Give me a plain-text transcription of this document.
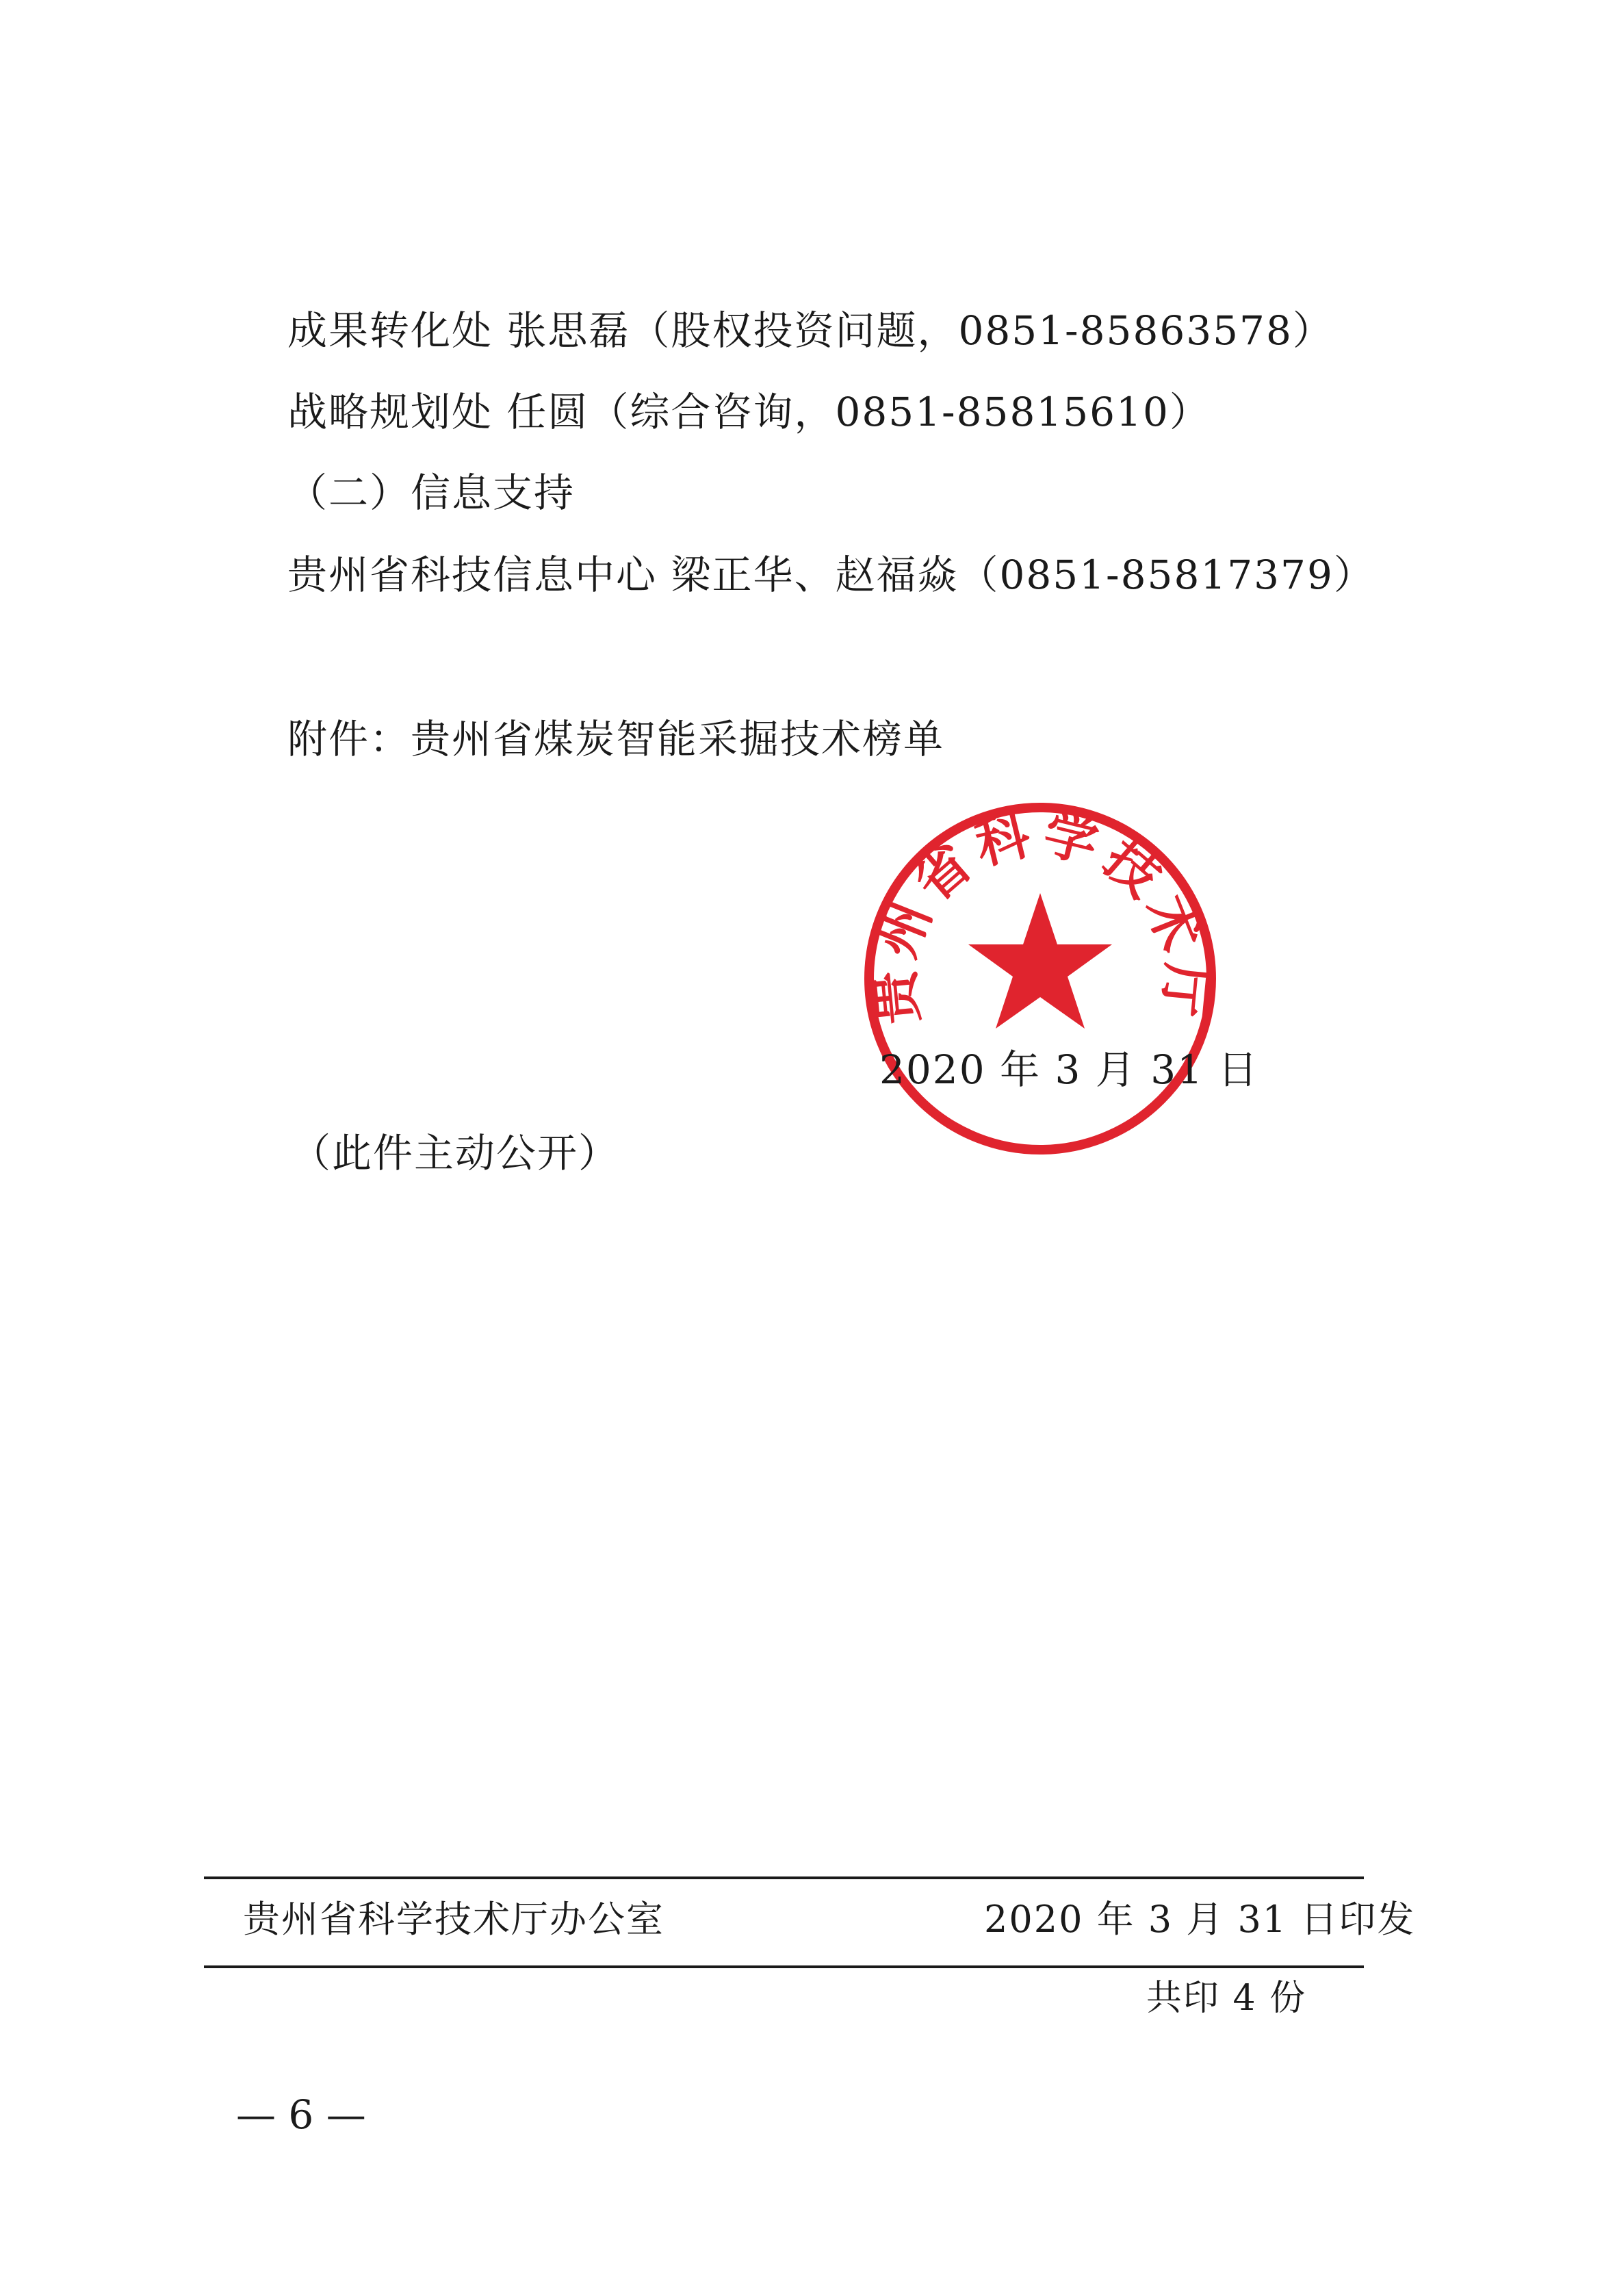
成果转化处 张思磊（股权投资问题，0851-85863578）
战略规划处 任圆（综合咨询，0851-85815610）
（二）信息支持
贵州省科技信息中心 梁正华、赵福焱（0851-85817379）
附件：贵州省煤炭智能采掘技术榜单
贵州省科学技术厅
2020 年 3 月 31 日
（此件主动公开）
贵州省科学技术厅办公室	2020 年 3 月 31 日印发
共印 4 份
— 6 —
